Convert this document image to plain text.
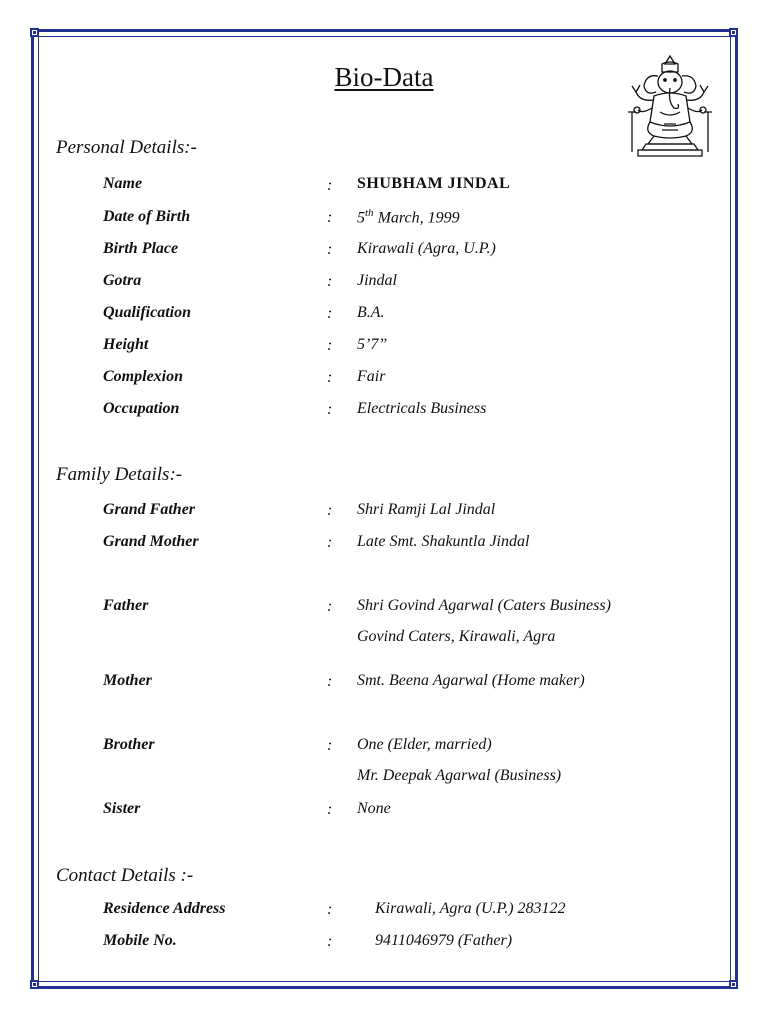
Bio-Data
Personal Details:-
Name	: SHUBHAM JINDAL
Date of Birth	: 5th March, 1999
Birth Place	: Kirawali (Agra, U.P.)
Gotra	: Jindal
Qualification	: B.A.
Height	: 5’7”
Complexion	: Fair
Occupation	: Electricals Business
Family Details:-
Grand Father	: Shri Ramji Lal Jindal
Grand Mother	: Late Smt. Shakuntla Jindal
Father	: Shri Govind Agarwal (Caters Business)
Govind Caters, Kirawali, Agra
Mother	: Smt. Beena Agarwal (Home maker)
Brother	: One (Elder, married)
Mr. Deepak Agarwal (Business)
Sister	: None
Contact Details :-
Residence Address	:	Kirawali, Agra (U.P.) 283122
Mobile No.	:	9411046979 (Father)
